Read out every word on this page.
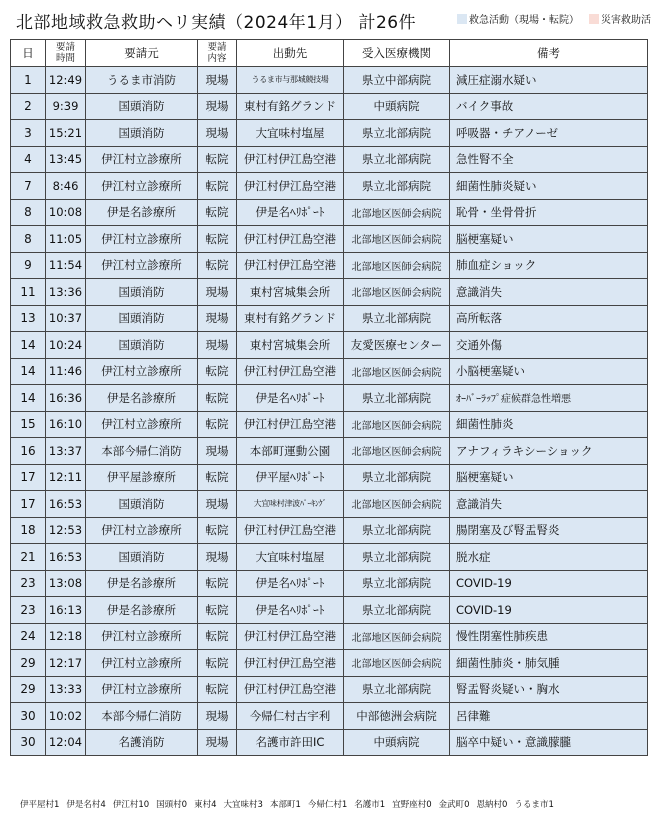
北部地域救急救助ヘリ実績（2024年1月） 計26件	救急活動（現場・転院） 災害救助活
日	要請時間	要請元	要請内容	出動先	受入医療機関	備考
1	12:49	うるま市消防	現場	うるま市与那城競技場	県立中部病院	減圧症溺水疑い
2	9:39	国頭消防	現場	東村有銘グランド	中頭病院	バイク事故
3	15:21	国頭消防	現場	大宜味村塩屋	県立北部病院	呼吸器・チアノーゼ
4	13:45	伊江村立診療所	転院	伊江村伊江島空港	県立北部病院	急性腎不全
7	8:46	伊江村立診療所	転院	伊江村伊江島空港	県立北部病院	細菌性肺炎疑い
8	10:08	伊是名診療所	転院	伊是名ﾍﾘﾎﾟｰﾄ	北部地区医師会病院	恥骨・坐骨骨折
8	11:05	伊江村立診療所	転院	伊江村伊江島空港	北部地区医師会病院	脳梗塞疑い
9	11:54	伊江村立診療所	転院	伊江村伊江島空港	北部地区医師会病院	肺血症ショック
11	13:36	国頭消防	現場	東村宮城集会所	北部地区医師会病院	意識消失
13	10:37	国頭消防	現場	東村有銘グランド	県立北部病院	高所転落
14	10:24	国頭消防	現場	東村宮城集会所	友愛医療センター	交通外傷
14	11:46	伊江村立診療所	転院	伊江村伊江島空港	北部地区医師会病院	小脳梗塞疑い
14	16:36	伊是名診療所	転院	伊是名ﾍﾘﾎﾟｰﾄ	県立北部病院	ｵｰﾊﾞｰﾗｯﾌﾟ症候群急性増悪
15	16:10	伊江村立診療所	転院	伊江村伊江島空港	北部地区医師会病院	細菌性肺炎
16	13:37	本部今帰仁消防	現場	本部町運動公園	北部地区医師会病院	アナフィラキシーショック
17	12:11	伊平屋診療所	転院	伊平屋ﾍﾘﾎﾟｰﾄ	県立北部病院	脳梗塞疑い
17	16:53	国頭消防	現場	大宜味村津波ﾊﾟｰｷﾝｸﾞ	北部地区医師会病院	意識消失
18	12:53	伊江村立診療所	転院	伊江村伊江島空港	県立北部病院	腸閉塞及び腎盂腎炎
21	16:53	国頭消防	現場	大宜味村塩屋	県立北部病院	脱水症
23	13:08	伊是名診療所	転院	伊是名ﾍﾘﾎﾟｰﾄ	県立北部病院	COVID-19
23	16:13	伊是名診療所	転院	伊是名ﾍﾘﾎﾟｰﾄ	県立北部病院	COVID-19
24	12:18	伊江村立診療所	転院	伊江村伊江島空港	北部地区医師会病院	慢性閉塞性肺疾患
29	12:17	伊江村立診療所	転院	伊江村伊江島空港	北部地区医師会病院	細菌性肺炎・肺気腫
29	13:33	伊江村立診療所	転院	伊江村伊江島空港	県立北部病院	腎盂腎炎疑い・胸水
30	10:02	本部今帰仁消防	現場	今帰仁村古宇利	中部徳洲会病院	呂律難
30	12:04	名護消防	現場	名護市許田IC	中頭病院	脳卒中疑い・意識朦朧
伊平屋村1 伊是名村4 伊江村10 国頭村0 東村4 大宜味村3 本部町1 今帰仁村1 名護市1 宜野座村0 金武町0 恩納村0 うるま市1
